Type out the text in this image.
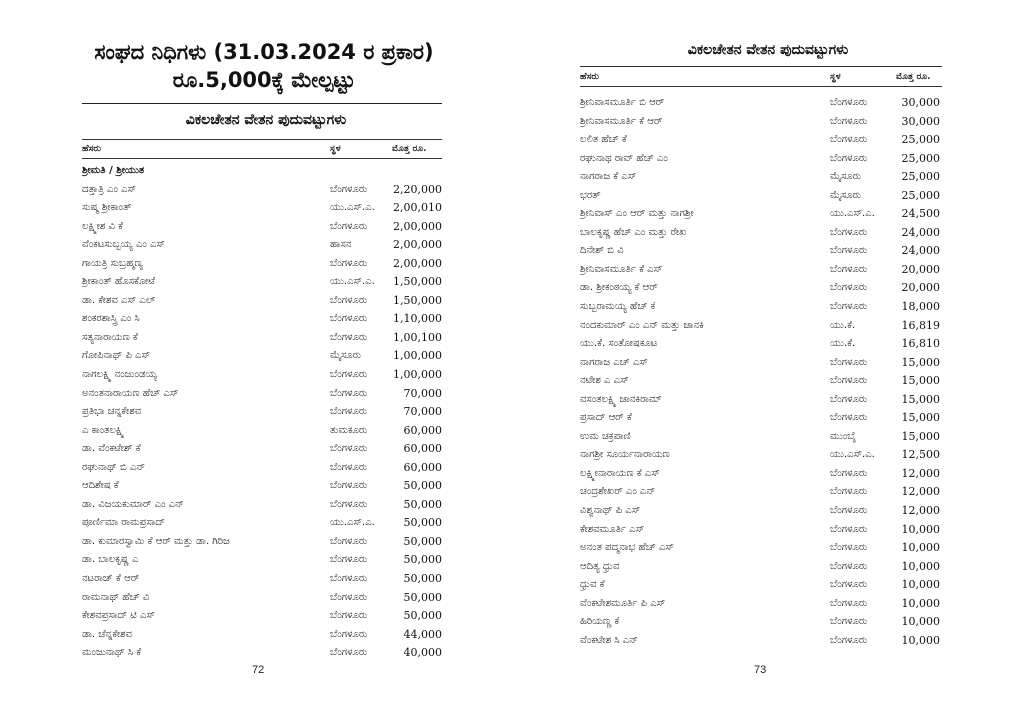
ಸಂಘದ ನಿಧಿಗಳು (31.03.2024 ರ ಪ್ರಕಾರ)
ರೂ.5,000ಕ್ಕೆ ಮೇಲ್ಪಟ್ಟು
ವಿಕಲಚೇತನ ವೇತನ ಪುದುವಟ್ಟುಗಳು
ಹೆಸರು	ಸ್ಥಳ	ಮೊತ್ತ ರೂ.
ಶ್ರೀಮತಿ / ಶ್ರೀಯುತ
ದತ್ತಾತ್ರಿ ಎಂ ಎಸ್	ಬೆಂಗಳೂರು 2,20,000
ಸುಷ್ಮ ಶ್ರೀಕಾಂತ್	ಯು.ಎಸ್.ಎ. 2,00,010
ಲಕ್ಷ್ಮೀಶ ವಿ ಕೆ	ಬೆಂಗಳೂರು 2,00,000
ವೆಂಕಟಸುಬ್ಬಯ್ಯ ಎಂ ಎಸ್	ಹಾಸನ	2,00,000
ಗಾಯತ್ರಿ ಸುಬ್ರಹ್ಮಣ್ಯ	ಬೆಂಗಳೂರು 2,00,000
ಶ್ರೀಕಾಂತ್ ಹೊಸಕೋಟೆ	ಯು.ಎಸ್.ಎ. 1,50,000
ಡಾ. ಕೇಶವ ಎಸ್ ಎಲ್	ಬೆಂಗಳೂರು 1,50,000
ಶಂಕರಶಾಸ್ತ್ರಿ ಎಂ ಸಿ	ಬೆಂಗಳೂರು 1,10,000
ಸತ್ಯನಾರಾಯಣ ಕೆ	ಬೆಂಗಳೂರು 1,00,100
ಗೋಪಿನಾಥ್ ಪಿ ಎಸ್	ಮೈಸೂರು	1,00,000
ನಾಗಲಕ್ಷ್ಮಿ ನಂಜುಂಡಯ್ಯ	ಬೆಂಗಳೂರು 1,00,000
ಅನಂತನಾರಾಯಣ ಹೆಚ್ ಎಸ್	ಬೆಂಗಳೂರು	70,000
ಪ್ರತಿಭಾ ಚನ್ನಕೇಶವ	ಬೆಂಗಳೂರು	70,000
ಎ ಕಾಂತಲಕ್ಷ್ಮಿ	ತುಮಕೂರು	60,000
ಡಾ. ವೆಂಕಟೇಶ್ ಕೆ	ಬೆಂಗಳೂರು	60,000
ರಘುನಾಥ್ ಬಿ ಎನ್	ಬೆಂಗಳೂರು	60,000
ಆದಿಶೇಷ ಕೆ	ಬೆಂಗಳೂರು	50,000
ಡಾ. ವಿಜಯಕುಮಾರ್ ಎಂ ಎನ್	ಬೆಂಗಳೂರು	50,000
ಪೂರ್ಣಿಮಾ ರಾಮಪ್ರಸಾದ್	ಯು.ಎಸ್.ಎ.	50,000
ಡಾ. ಕುಮಾರಸ್ವಾಮಿ ಕೆ ಆರ್ ಮತ್ತು ಡಾ. ಗಿರಿಜ	ಬೆಂಗಳೂರು	50,000
ಡಾ. ಬಾಲಕೃಷ್ಣ ಎ	ಬೆಂಗಳೂರು	50,000
ನಟರಾಜ್ ಕೆ ಆರ್	ಬೆಂಗಳೂರು	50,000
ರಾಮನಾಥ್ ಹೆಚ್ ವಿ	ಬೆಂಗಳೂರು	50,000
ಕೇಶವಪ್ರಸಾದ್ ಟಿ ಎಸ್	ಬೆಂಗಳೂರು	50,000
ಡಾ. ಚೆನ್ನಕೇಶವ	ಬೆಂಗಳೂರು	44,000
ಮಂಜುನಾಥ್ ಸಿ ಕೆ	ಬೆಂಗಳೂರು	40,000
72
ವಿಕಲಚೇತನ ವೇತನ ಪುದುವಟ್ಟುಗಳು
ಹೆಸರು	ಸ್ಥಳ	ಮೊತ್ತ ರೂ.
ಶ್ರೀನಿವಾಸಮೂರ್ತಿ ಬಿ ಆರ್	ಬೆಂಗಳೂರು	30,000
ಶ್ರೀನಿವಾಸಮೂರ್ತಿ ಕೆ ಆರ್	ಬೆಂಗಳೂರು	30,000
ಲಲಿತ ಹೆಚ್ ಕೆ	ಬೆಂಗಳೂರು	25,000
ರಘುನಾಥ ರಾವ್ ಹೆಚ್ ಎಂ	ಬೆಂಗಳೂರು	25,000
ನಾಗರಾಜ ಕೆ ಎಸ್	ಮೈಸೂರು	25,000
ಭರತ್	ಮೈಸೂರು	25,000
ಶ್ರೀನಿವಾಸ್ ಎಂ ಆರ್ ಮತ್ತು ನಾಗಶ್ರೀ	ಯು.ಎಸ್.ಎ. 24,500
ಬಾಲಕೃಷ್ಣ ಹೆಚ್ ಎಂ ಮತ್ತು ರೇಖ	ಬೆಂಗಳೂರು	24,000
ದಿನೇಶ್ ಬಿ ವಿ	ಬೆಂಗಳೂರು	24,000
ಶ್ರೀನಿವಾಸಮೂರ್ತಿ ಕೆ ಎಸ್	ಬೆಂಗಳೂರು	20,000
ಡಾ. ಶ್ರೀಕಂಠಯ್ಯ ಕೆ ಆರ್	ಬೆಂಗಳೂರು	20,000
ಸುಬ್ಬರಾಮಯ್ಯ ಹೆಚ್ ಕೆ	ಬೆಂಗಳೂರು	18,000
ನಂದಕುಮಾರ್ ಎಂ ಎನ್ ಮತ್ತು ಜಾನಕಿ	ಯು.ಕೆ.	16,819
ಯು.ಕೆ. ಸಂತೋಷಕೂಟ	ಯು.ಕೆ.	16,810
ನಾಗರಾಜ ಎಚ್ ಎಸ್	ಬೆಂಗಳೂರು	15,000
ನಟೇಶ ಎ ಎಸ್	ಬೆಂಗಳೂರು	15,000
ವಸಂತಲಕ್ಷ್ಮಿ ಜಾನಕಿರಾಮ್	ಬೆಂಗಳೂರು	15,000
ಪ್ರಸಾದ್ ಆರ್ ಕೆ	ಬೆಂಗಳೂರು	15,000
ಉಮ ಚಕ್ರಪಾಣಿ	ಮುಂಬೈ	15,000
ನಾಗಶ್ರೀ ಸೂರ್ಯನಾರಾಯಣ	ಯು.ಎಸ್.ಎ. 12,500
ಲಕ್ಷ್ಮೀನಾರಾಯಣ ಕೆ ಎಸ್	ಬೆಂಗಳೂರು	12,000
ಚಂದ್ರಶೇಖರ್ ಎಂ ಎನ್	ಬೆಂಗಳೂರು	12,000
ವಿಶ್ವನಾಥ್ ಪಿ ಎಸ್	ಬೆಂಗಳೂರು	12,000
ಕೇಶವಮೂರ್ತಿ ಎಸ್	ಬೆಂಗಳೂರು	10,000
ಅನಂತ ಪದ್ಮನಾಭ ಹೆಚ್ ಎಸ್	ಬೆಂಗಳೂರು	10,000
ಆದಿತ್ಯ ಧ್ರುವ	ಬೆಂಗಳೂರು	10,000
ಧ್ರುವ ಕೆ	ಬೆಂಗಳೂರು	10,000
ವೆಂಕಟೇಶಮೂರ್ತಿ ಪಿ ಎಸ್	ಬೆಂಗಳೂರು	10,000
ಹಿರಿಯಣ್ಣ ಕೆ	ಬೆಂಗಳೂರು	10,000
ವೆಂಕಟೇಶ ಸಿ ಎನ್	ಬೆಂಗಳೂರು	10,000
73
